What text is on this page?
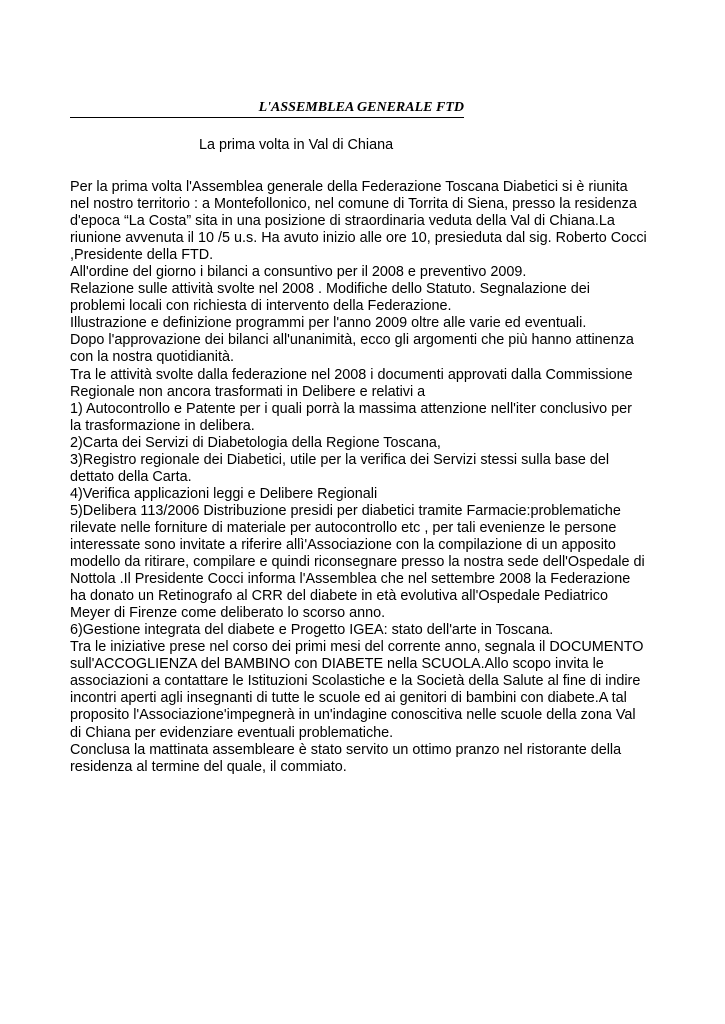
L'ASSEMBLEA GENERALE FTD
La prima volta in Val di Chiana
Per la prima volta l'Assemblea generale della Federazione Toscana Diabetici si è riunita
nel nostro territorio : a Montefollonico, nel comune di Torrita di Siena, presso la residenza
d'epoca “La Costa” sita in una posizione di straordinaria veduta della Val di Chiana.La
riunione avvenuta il 10 /5 u.s. Ha avuto inizio alle ore 10, presieduta dal sig. Roberto Cocci
,Presidente della FTD.
All'ordine del giorno i bilanci a consuntivo per il 2008 e preventivo 2009.
Relazione sulle attività svolte nel 2008 . Modifiche dello Statuto. Segnalazione dei
problemi locali con richiesta di intervento della Federazione.
Illustrazione e definizione programmi per l'anno 2009 oltre alle varie ed eventuali.
Dopo l'approvazione dei bilanci all'unanimità, ecco gli argomenti che più hanno attinenza
con la nostra quotidianità.
Tra le attività svolte dalla federazione nel 2008 i documenti approvati dalla Commissione
Regionale non ancora trasformati in Delibere e relativi a
1) Autocontrollo e Patente per i quali porrà la massima attenzione nell'iter conclusivo per
la trasformazione in delibera.
2)Carta dei Servizi di Diabetologia della Regione Toscana,
3)Registro regionale dei Diabetici, utile per la verifica dei Servizi stessi sulla base del
dettato della Carta.
4)Verifica applicazioni leggi e Delibere Regionali
5)Delibera 113/2006 Distribuzione presidi per diabetici tramite Farmacie:problematiche
rilevate nelle forniture di materiale per autocontrollo etc , per tali evenienze le persone
interessate sono invitate a riferire allì'Associazione con la compilazione di un apposito
modello da ritirare, compilare e quindi riconsegnare presso la nostra sede dell'Ospedale di
Nottola .Il Presidente Cocci informa l'Assemblea che nel settembre 2008 la Federazione
ha donato un Retinografo al CRR del diabete in età evolutiva all'Ospedale Pediatrico
Meyer di Firenze come deliberato lo scorso anno.
6)Gestione integrata del diabete e Progetto IGEA: stato dell'arte in Toscana.
Tra le iniziative prese nel corso dei primi mesi del corrente anno, segnala il DOCUMENTO
sull'ACCOGLIENZA del BAMBINO con DIABETE nella SCUOLA.Allo scopo invita le
associazioni a contattare le Istituzioni Scolastiche e la Società della Salute al fine di indire
incontri aperti agli insegnanti di tutte le scuole ed ai genitori di bambini con diabete.A tal
proposito l'Associazione'impegnerà in un'indagine conoscitiva nelle scuole della zona Val
di Chiana per evidenziare eventuali problematiche.
Conclusa la mattinata assembleare è stato servito un ottimo pranzo nel ristorante della
residenza al termine del quale, il commiato.
